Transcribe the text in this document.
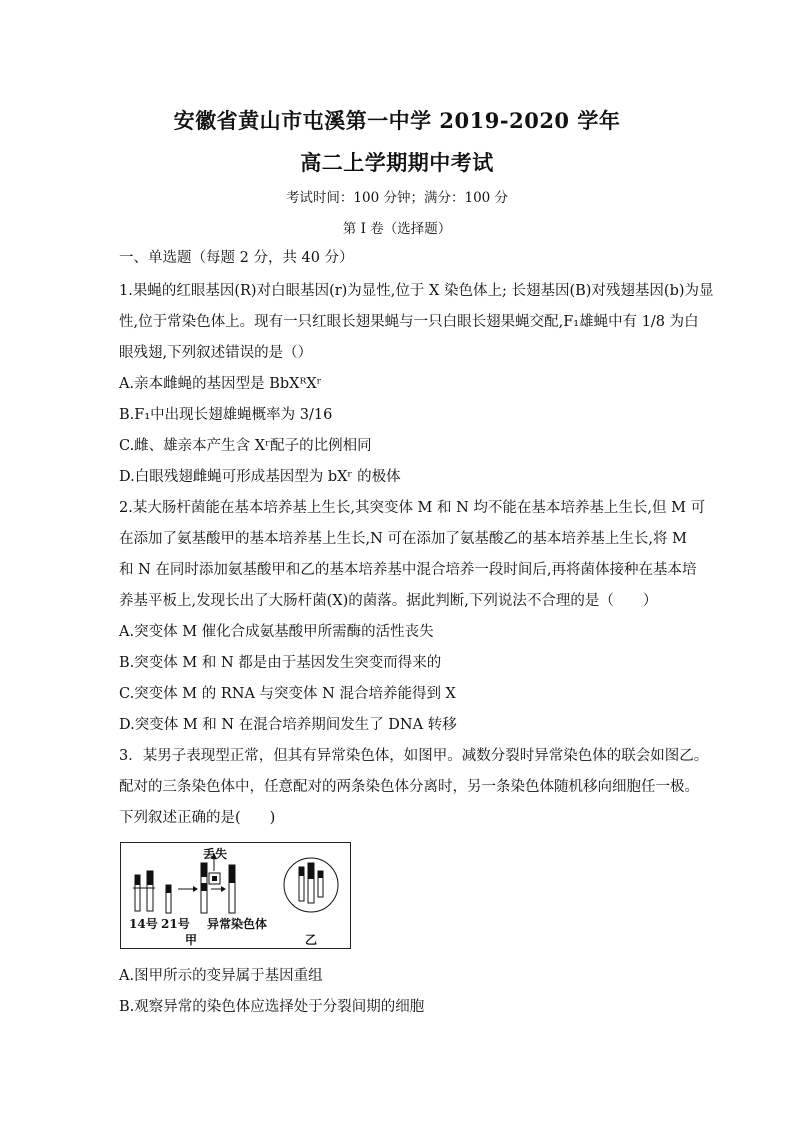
安徽省黄山市屯溪第一中学 2019-2020 学年
高二上学期期中考试
考试时间：100 分钟；满分：100 分
第 I 卷（选择题）
一、单选题（每题 2 分，共 40 分）
1.果蝇的红眼基因(R)对白眼基因(r)为显性,位于 X 染色体上; 长翅基因(B)对残翅基因(b)为显
性,位于常染色体上。现有一只红眼长翅果蝇与一只白眼长翅果蝇交配,F₁雄蝇中有 1/8 为白
眼残翅,下列叙述错误的是（）
A.亲本雌蝇的基因型是 BbXᴿXʳ
B.F₁中出现长翅雄蝇概率为 3/16
C.雌、雄亲本产生含 Xʳ配子的比例相同
D.白眼残翅雌蝇可形成基因型为 bXʳ 的极体
2.某大肠杆菌能在基本培养基上生长,其突变体 M 和 N 均不能在基本培养基上生长,但 M 可
在添加了氨基酸甲的基本培养基上生长,N 可在添加了氨基酸乙的基本培养基上生长,将 M
和 N 在同时添加氨基酸甲和乙的基本培养基中混合培养一段时间后,再将菌体接种在基本培
养基平板上,发现长出了大肠杆菌(X)的菌落。据此判断,下列说法不合理的是（　　）
A.突变体 M 催化合成氨基酸甲所需酶的活性丧失
B.突变体 M 和 N 都是由于基因发生突变而得来的
C.突变体 M 的 RNA 与突变体 N 混合培养能得到 X
D.突变体 M 和 N 在混合培养期间发生了 DNA 转移
3．某男子表现型正常，但其有异常染色体，如图甲。减数分裂时异常染色体的联会如图乙。
配对的三条染色体中，任意配对的两条染色体分离时，另一条染色体随机移向细胞任一极。
下列叙述正确的是(　　)
丢失
14号 21号 异常染色体
甲	乙
A.图甲所示的变异属于基因重组
B.观察异常的染色体应选择处于分裂间期的细胞
